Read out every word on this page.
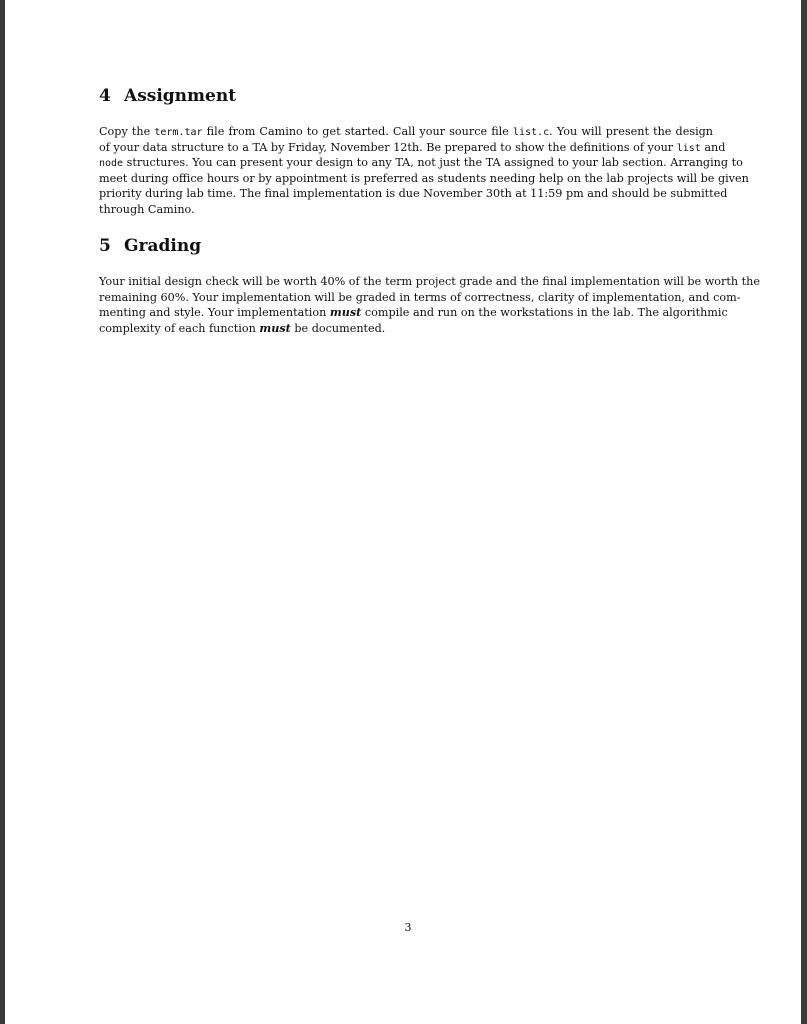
4 Assignment
Copy the term.tar file from Camino to get started. Call your source file list.c. You will present the design
of your data structure to a TA by Friday, November 12th. Be prepared to show the definitions of your list and
node structures. You can present your design to any TA, not just the TA assigned to your lab section. Arranging to
meet during office hours or by appointment is preferred as students needing help on the lab projects will be given
priority during lab time. The final implementation is due November 30th at 11:59 pm and should be submitted
through Camino.
5 Grading
Your initial design check will be worth 40% of the term project grade and the final implementation will be worth the
remaining 60%. Your implementation will be graded in terms of correctness, clarity of implementation, and com-
menting and style. Your implementation must compile and run on the workstations in the lab. The algorithmic
complexity of each function must be documented.
3
